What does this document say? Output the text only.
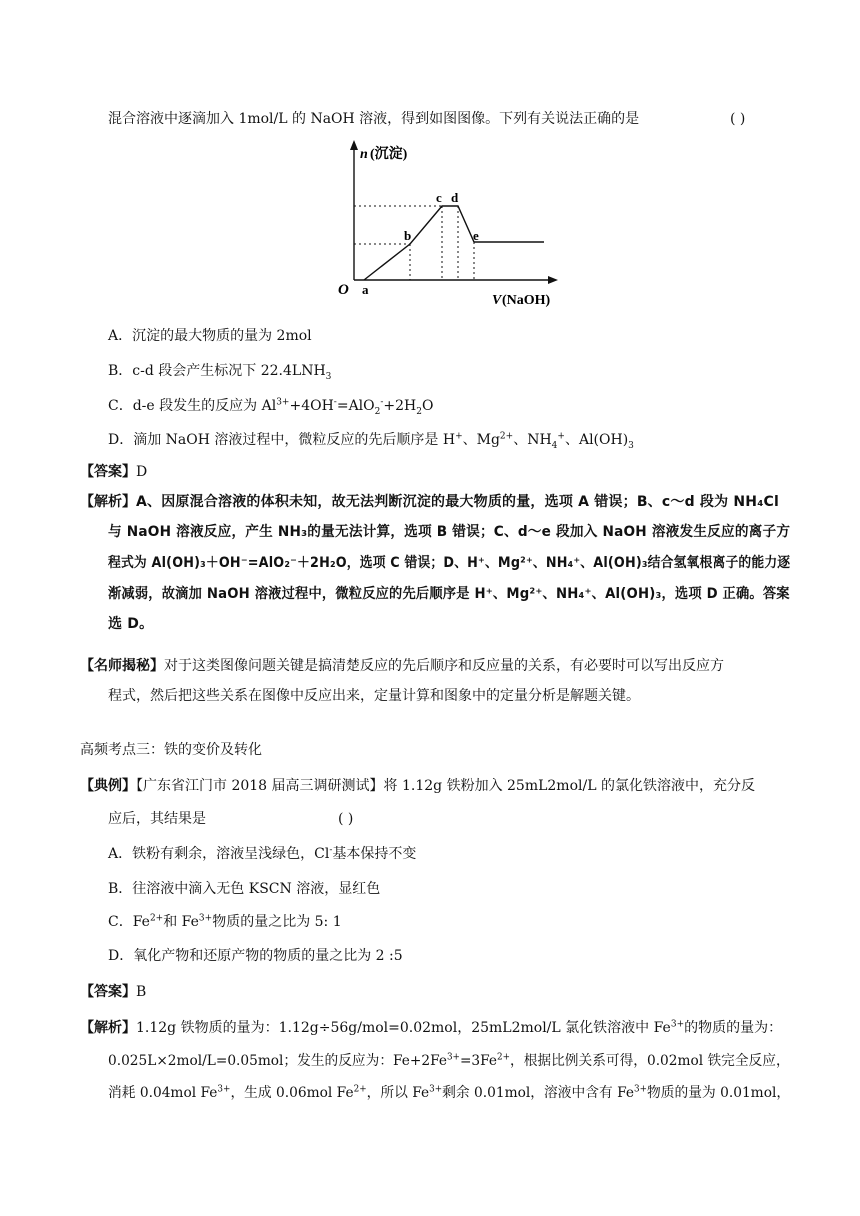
混合溶液中逐滴加入 1mol/L 的 NaOH 溶液，得到如图图像。下列有关说法正确的是	( )
n (沉淀)
O a
b
c d
e
V (NaOH)
A．沉淀的最大物质的量为 2mol
B．c-d 段会产生标况下 $22.4LNH_3$
C．d-e 段发生的反应为 $Al^{3+}+4OH^-=AlO_2^-+2H_2O$
D．滴加 NaOH 溶液过程中，微粒反应的先后顺序是 H+、$Mg^{2+}$、$NH_4^+$、$Al(OH)_3$
【答案】D
【解析】A、因原混合溶液的体积未知，故无法判断沉淀的最大物质的量，选项 A 错误；B、c～d 段为 NH₄Cl
与 NaOH 溶液反应，产生 NH₃的量无法计算，选项 B 错误；C、d～e 段加入 NaOH 溶液发生反应的离子方
程式为 Al(OH)₃＋OH⁻=AlO₂⁻＋2H₂O，选项 C 错误；D、H⁺、Mg²⁺、NH₄⁺、Al(OH)₃结合氢氧根离子的能力逐
渐减弱，故滴加 NaOH 溶液过程中，微粒反应的先后顺序是 H⁺、Mg²⁺、NH₄⁺、Al(OH)₃，选项 D 正确。答案
选 D。
【名师揭秘】对于这类图像问题关键是搞清楚反应的先后顺序和反应量的关系，有必要时可以写出反应方
程式，然后把这些关系在图像中反应出来，定量计算和图象中的定量分析是解题关键。
高频考点三：铁的变价及转化
【典例】【广东省江门市 2018 届高三调研测试】将 1.12g 铁粉加入 25mL2mol/L 的氯化铁溶液中，充分反
应后，其结果是	( )
A．铁粉有剩余，溶液呈浅绿色，Cl-基本保持不变
B．往溶液中滴入无色 KSCN 溶液，显红色
C．$Fe^{2+}$和 $Fe^{3+}$物质的量之比为 5: 1
D．氧化产物和还原产物的物质的量之比为 2 :5
【答案】B
【解析】1.12g 铁物质的量为：1.12g÷56g/mol=0.02mol，25mL2mol/L 氯化铁溶液中 $Fe^{3+}$的物质的量为：
0.025L×2mol/L=0.05mol；发生的反应为：$Fe+2Fe^{3+}=3Fe^{2+}$，根据比例关系可得，0.02mol 铁完全反应，
消耗 0.04mol $Fe^{3+}$，生成 0.06mol $Fe^{2+}$，所以 $Fe^{3+}$剩余 0.01mol，溶液中含有 $Fe^{3+}$物质的量为 0.01mol，
